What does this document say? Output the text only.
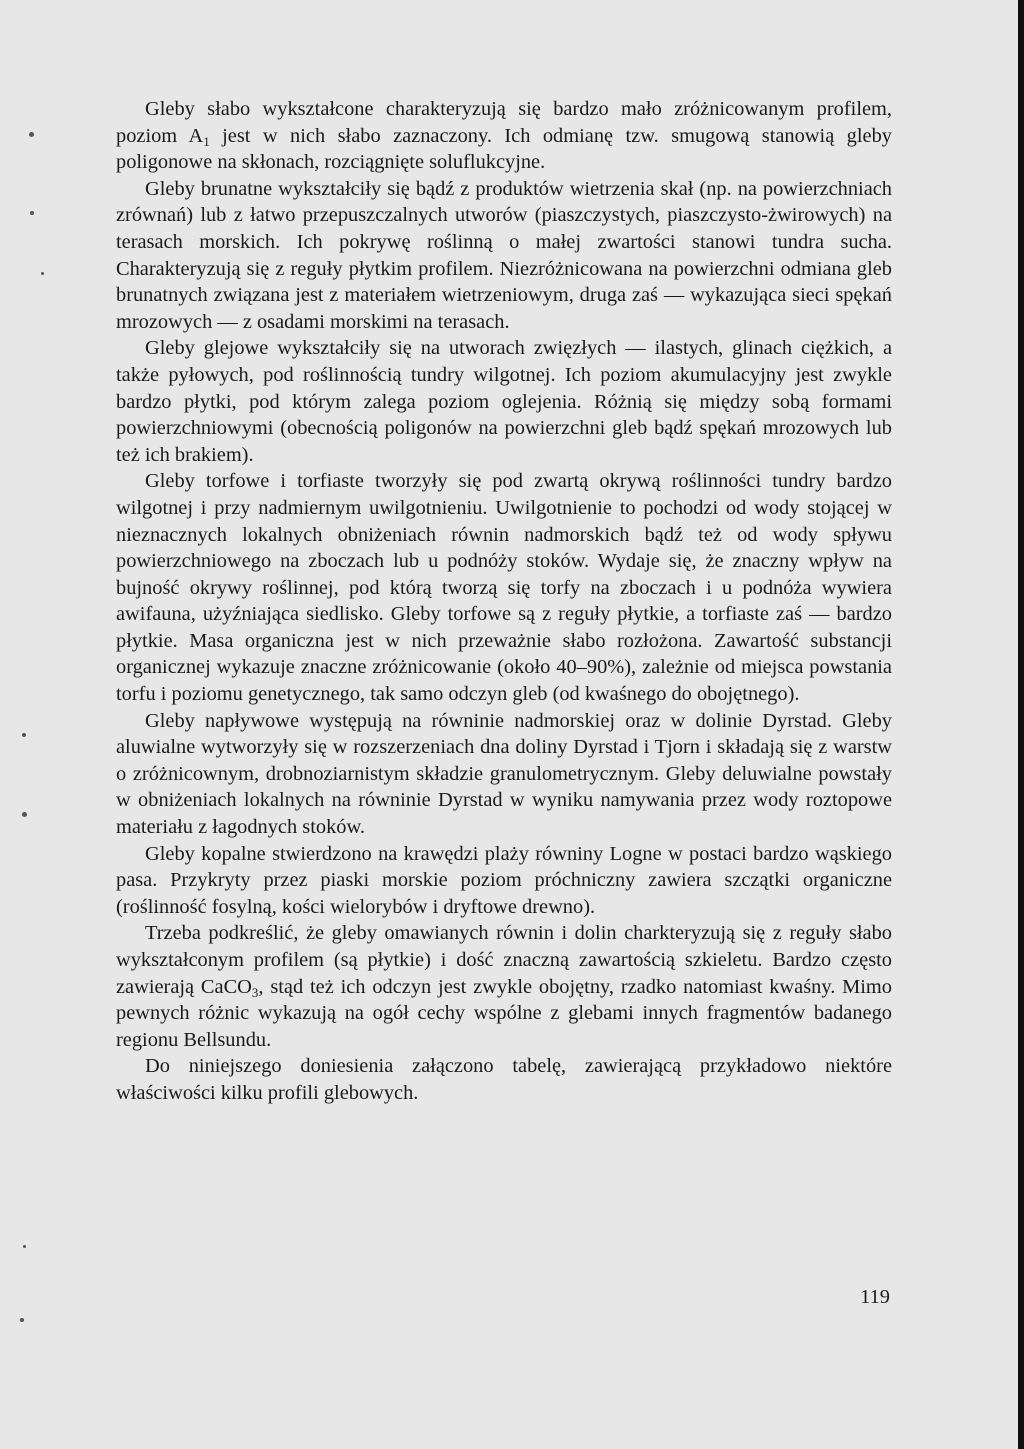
Gleby słabo wykształcone charakteryzują się bardzo mało zróżnicowanym profilem, poziom $A_1$ jest w nich słabo zaznaczony. Ich odmianę tzw. smugową stanowią gleby poligonowe na skłonach, rozciągnięte soluflukcyjne.

Gleby brunatne wykształciły się bądź z produktów wietrzenia skał (np. na powierzchniach zrównań) lub z łatwo przepuszczalnych utworów (piaszczystych, piaszczysto-żwirowych) na terasach morskich. Ich pokrywę roślinną o małej zwartości stanowi tundra sucha. Charakteryzują się z reguły płytkim profilem. Niezróżnicowana na powierzchni odmiana gleb brunatnych związana jest z materiałem wietrzeniowym, druga zaś — wykazująca sieci spękań mrozowych — z osadami morskimi na terasach.

Gleby glejowe wykształciły się na utworach zwięzłych — ilastych, glinach ciężkich, a także pyłowych, pod roślinnością tundry wilgotnej. Ich poziom akumulacyjny jest zwykle bardzo płytki, pod którym zalega poziom oglejenia. Różnią się między sobą formami powierzchniowymi (obecnością poligonów na powierzchni gleb bądź spękań mrozowych lub też ich brakiem).

Gleby torfowe i torfiaste tworzyły się pod zwartą okrywą roślinności tundry bardzo wilgotnej i przy nadmiernym uwilgotnieniu. Uwilgotnienie to pochodzi od wody stojącej w nieznacznych lokalnych obniżeniach równin nadmorskich bądź też od wody spływu powierzchniowego na zboczach lub u podnóży stoków. Wydaje się, że znaczny wpływ na bujność okrywy roślinnej, pod którą tworzą się torfy na zboczach i u podnóża wywiera awifauna, użyźniająca siedlisko. Gleby torfowe są z reguły płytkie, a torfiaste zaś — bardzo płytkie. Masa organiczna jest w nich przeważnie słabo rozłożona. Zawartość substancji organicznej wykazuje znaczne zróżnicowanie (około 40–90%), zależnie od miejsca powstania torfu i poziomu genetycznego, tak samo odczyn gleb (od kwaśnego do obojętnego).

Gleby napływowe występują na równinie nadmorskiej oraz w dolinie Dyrstad. Gleby aluwialne wytworzyły się w rozszerzeniach dna doliny Dyrstad i Tjorn i składają się z warstw o zróżnicownym, drobnoziarnistym składzie granulometrycznym. Gleby deluwialne powstały w obniżeniach lokalnych na równinie Dyrstad w wyniku namywania przez wody roztopowe materiału z łagodnych stoków.

Gleby kopalne stwierdzono na krawędzi plaży równiny Logne w postaci bardzo wąskiego pasa. Przykryty przez piaski morskie poziom próchniczny zawiera szczątki organiczne (roślinność fosylną, kości wielorybów i dryftowe drewno).

Trzeba podkreślić, że gleby omawianych równin i dolin charkteryzują się z reguły słabo wykształconym profilem (są płytkie) i dość znaczną zawartością szkieletu. Bardzo często zawierają CaCO$_3$, stąd też ich odczyn jest zwykle obojętny, rzadko natomiast kwaśny. Mimo pewnych różnic wykazują na ogół cechy wspólne z glebami innych fragmentów badanego regionu Bellsundu.

Do niniejszego doniesienia załączono tabelę, zawierającą przykładowo niektóre właściwości kilku profili glebowych.

119
